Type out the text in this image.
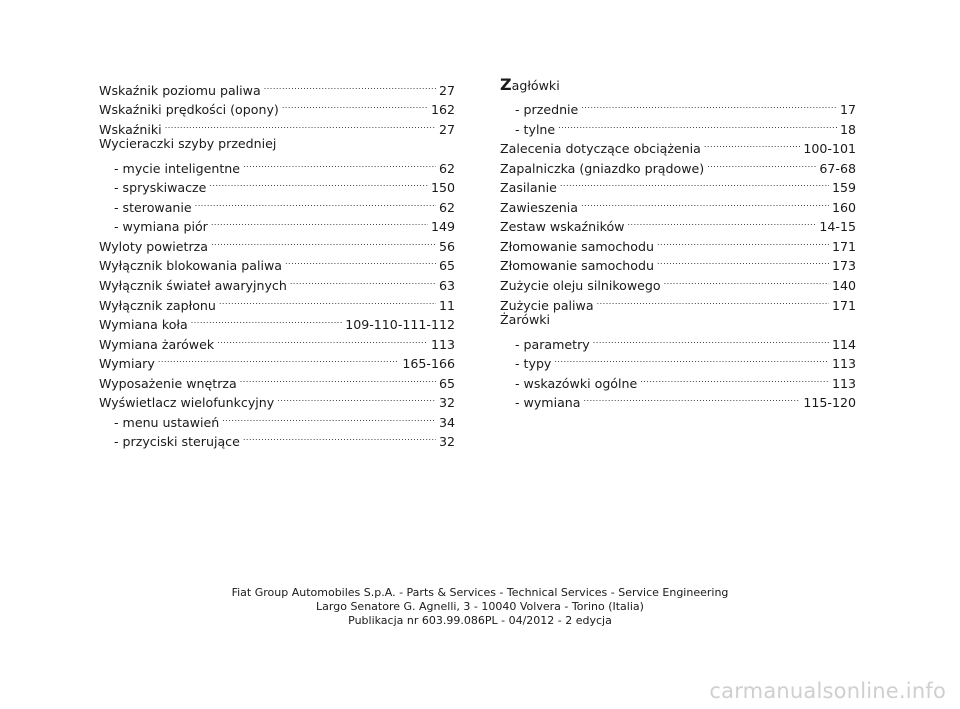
Wskaźnik poziomu paliwa .....	27
Wskaźniki prędkości (opony) .....	162
Wskaźniki .....	27
Wycieraczki szyby przedniej
- mycie inteligentne .....	62
- spryskiwacze .....	150
- sterowanie .....	62
- wymiana piór .....	149
Wyloty powietrza .....	56
Wyłącznik blokowania paliwa .....	65
Wyłącznik świateł awaryjnych .....	63
Wyłącznik zapłonu .....	11
Wymiana koła .....	109-110-111-112
Wymiana żarówek .....	113
Wymiary .....	165-166
Wyposażenie wnętrza .....	65
Wyświetlacz wielofunkcyjny .....	32
- menu ustawień .....	34
- przyciski sterujące .....	32
Zagłówki
- przednie .....	17
- tylne .....	18
Zalecenia dotyczące obciążenia .....	100-101
Zapalniczka (gniazdko prądowe) .....	67-68
Zasilanie .....	159
Zawieszenia .....	160
Zestaw wskaźników .....	14-15
Złomowanie samochodu .....	171
Złomowanie samochodu .....	173
Zużycie oleju silnikowego .....	140
Zużycie paliwa .....	171
Żarówki
- parametry .....	114
- typy .....	113
- wskazówki ogólne .....	113
- wymiana .....	115-120
Fiat Group Automobiles S.p.A. - Parts & Services - Technical Services - Service Engineering
Largo Senatore G. Agnelli, 3 - 10040 Volvera - Torino (Italia)
Publikacja nr 603.99.086PL - 04/2012 - 2 edycja
carmanualsonline.info
